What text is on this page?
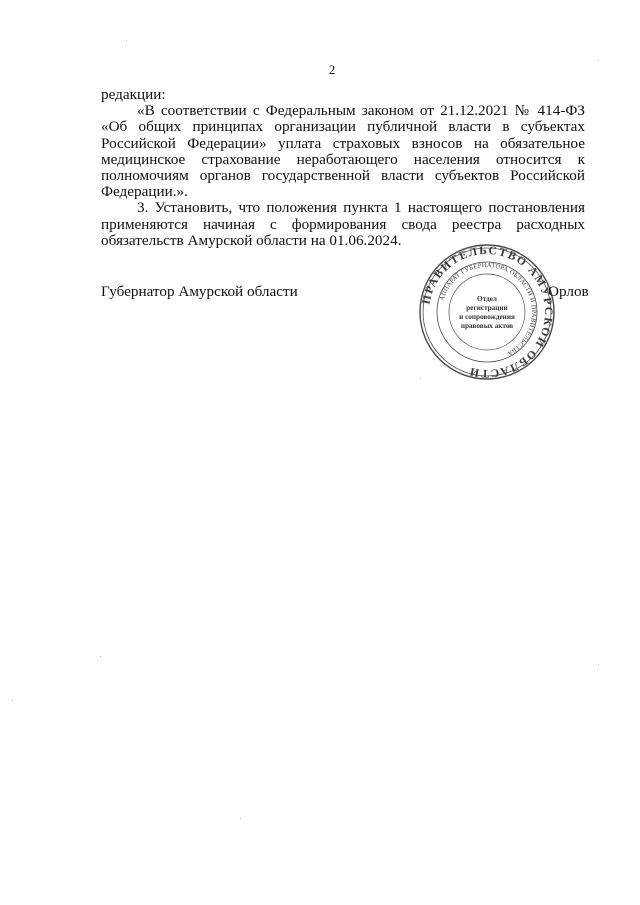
2

редакции:

«В соответствии с Федеральным законом от 21.12.2021 № 414-ФЗ «Об общих принципах организации публичной власти в субъектах Российской Федерации» уплата страховых взносов на обязательное медицинское страхование неработающего населения относится к полномочиям органов государственной власти субъектов Российской Федерации.».

3. Установить, что положения пункта 1 настоящего постановления применяются начиная с формирования свода реестра расходных обязательств Амурской области на 01.06.2024.

Губернатор Амурской области	ПРАВИТЕЛЬСТВО АМУРСКОЙ ОБЛАСТИ
АППАРАТ ГУБЕРНАТОРА ОБЛАСТИ И ПРАВИТЕЛЬСТВА
Отдел
регистрации
и сопровождения
правовых актов
Орлов
